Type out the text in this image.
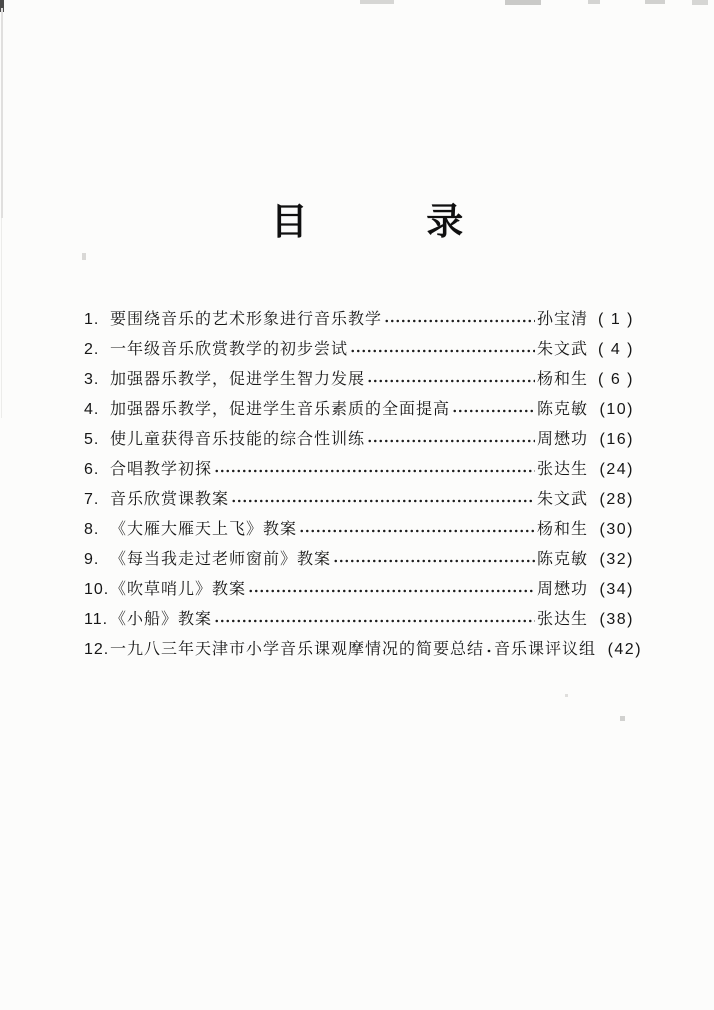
目	录
1. 要围绕音乐的艺术形象进行音乐教学	孙宝清 ( 1 )
2. 一年级音乐欣赏教学的初步尝试	朱文武 ( 4 )
3. 加强器乐教学，促进学生智力发展	杨和生 ( 6 )
4. 加强器乐教学，促进学生音乐素质的全面提高	陈克敏 (10)
5. 使儿童获得音乐技能的综合性训练	周懋功 (16)
6. 合唱教学初探	张达生 (24)
7. 音乐欣赏课教案	朱文武 (28)
8. 《大雁大雁天上飞》教案	杨和生 (30)
9. 《每当我走过老师窗前》教案	陈克敏 (32)
10. 《吹草哨儿》教案	周懋功 (34)
11. 《小船》教案	张达生 (38)
12. 一九八三年天津市小学音乐课观摩情况的简要总结 音乐课评议组 (42)
